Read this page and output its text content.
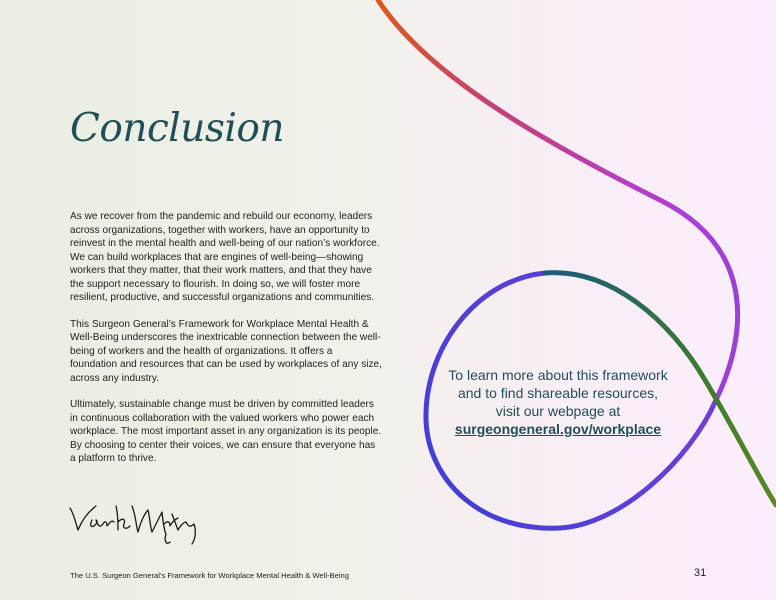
Conclusion

As we recover from the pandemic and rebuild our economy, leaders across organizations, together with workers, have an opportunity to reinvest in the mental health and well-being of our nation’s workforce. We can build workplaces that are engines of well-being—showing workers that they matter, that their work matters, and that they have the support necessary to flourish. In doing so, we will foster more resilient, productive, and successful organizations and communities.

This Surgeon General’s Framework for Workplace Mental Health & Well-Being underscores the inextricable connection between the well-being of workers and the health of organizations. It offers a foundation and resources that can be used by workplaces of any size, across any industry.

Ultimately, sustainable change must be driven by committed leaders in continuous collaboration with the valued workers who power each workplace. The most important asset in any organization is its people. By choosing to center their voices, we can ensure that everyone has a platform to thrive.

To learn more about this framework and to find shareable resources, visit our webpage at
surgeongeneral.gov/workplace
The U.S. Surgeon General’s Framework for Workplace Mental Health & Well-Being	31
